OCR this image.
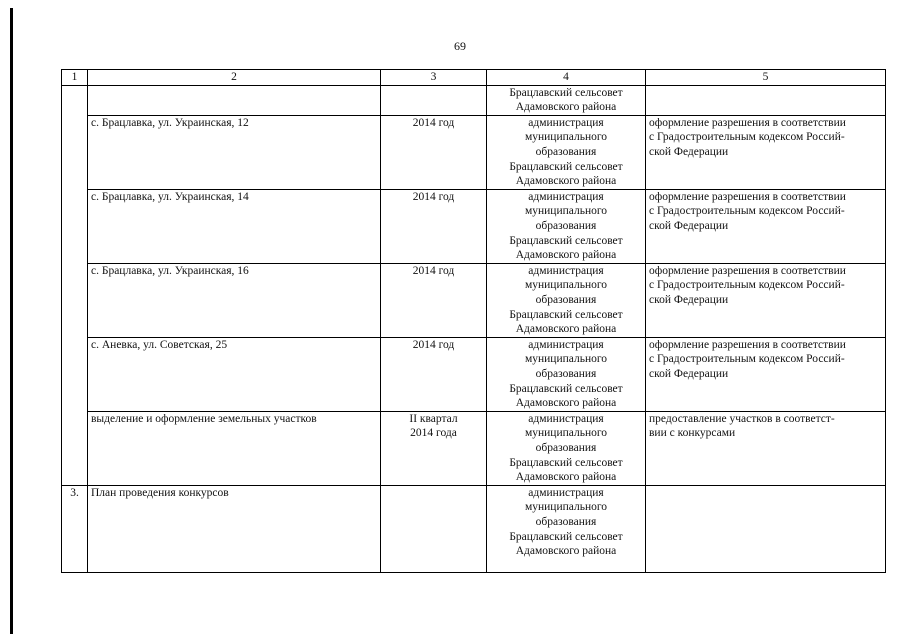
69
1	2	3	4	5
			Брацлавский сельсовет
Адамовского района	
	с. Брацлавка, ул. Украинская, 12	2014 год	администрация
муниципального
образования
Брацлавский сельсовет
Адамовского района	оформление разрешения в соответствии
с Градостроительным кодексом Россий-
ской Федерации
	с. Брацлавка, ул. Украинская, 14	2014 год	администрация
муниципального
образования
Брацлавский сельсовет
Адамовского района	оформление разрешения в соответствии
с Градостроительным кодексом Россий-
ской Федерации
	с. Брацлавка, ул. Украинская, 16	2014 год	администрация
муниципального
образования
Брацлавский сельсовет
Адамовского района	оформление разрешения в соответствии
с Градостроительным кодексом Россий-
ской Федерации
	с. Аневка, ул. Советская, 25	2014 год	администрация
муниципального
образования
Брацлавский сельсовет
Адамовского района	оформление разрешения в соответствии
с Градостроительным кодексом Россий-
ской Федерации
	выделение и оформление земельных участков	II квартал
2014 года	администрация
муниципального
образования
Брацлавский сельсовет
Адамовского района	предоставление участков в соответст-
вии с конкурсами
3.	План проведения конкурсов		администрация
муниципального
образования
Брацлавский сельсовет
Адамовского района	
